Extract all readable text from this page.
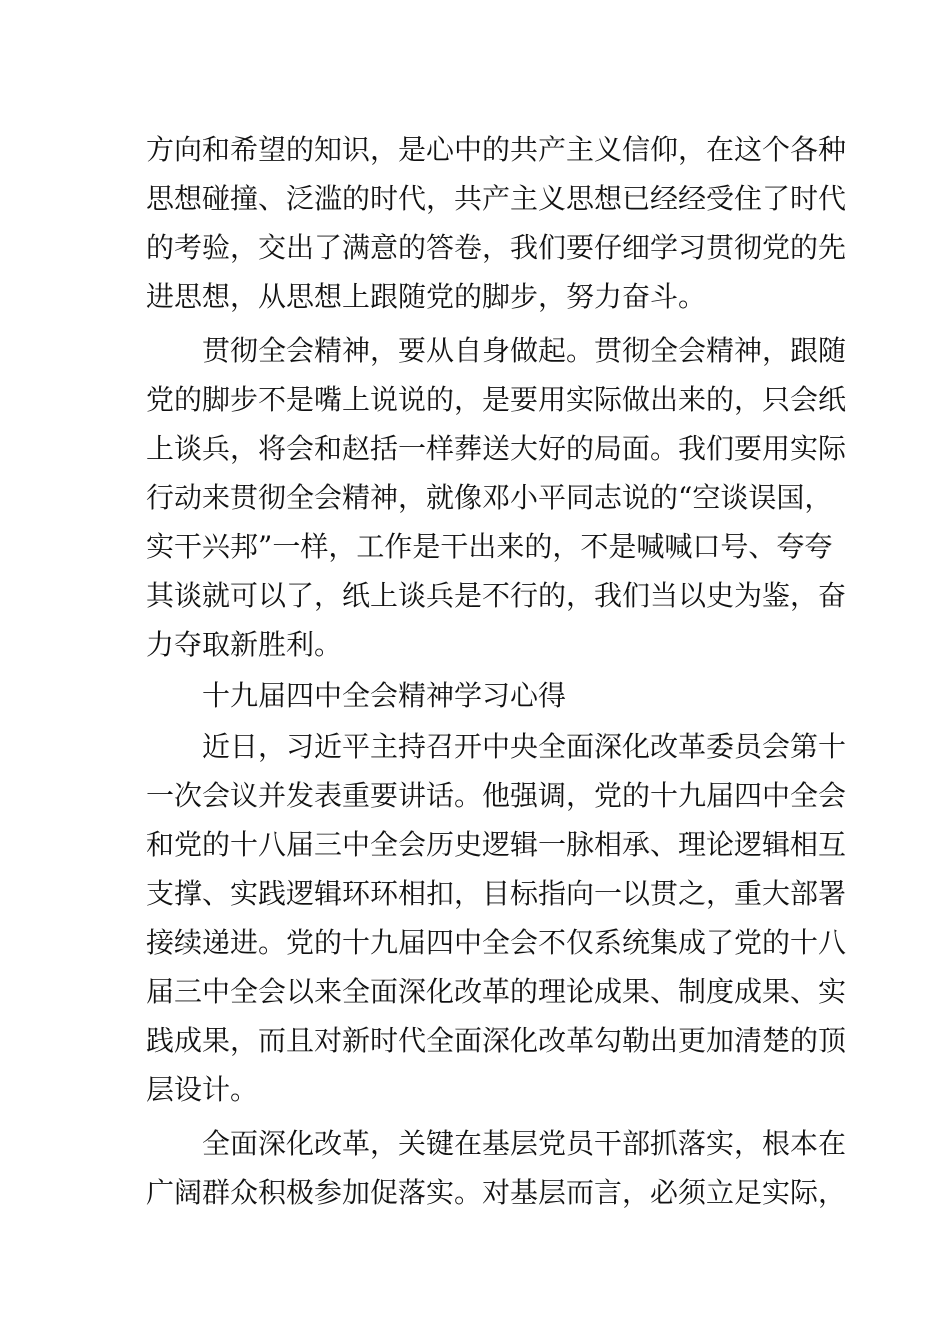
方向和希望的知识，是心中的共产主义信仰，在这个各种
思想碰撞、泛滥的时代，共产主义思想已经经受住了时代
的考验，交出了满意的答卷，我们要仔细学习贯彻党的先
进思想，从思想上跟随党的脚步，努力奋斗。
贯彻全会精神，要从自身做起。贯彻全会精神，跟随
党的脚步不是嘴上说说的，是要用实际做出来的，只会纸
上谈兵，将会和赵括一样葬送大好的局面。我们要用实际
行动来贯彻全会精神，就像邓小平同志说的“空谈误国，
实干兴邦”一样，工作是干出来的，不是喊喊口号、夸夸
其谈就可以了，纸上谈兵是不行的，我们当以史为鉴，奋
力夺取新胜利。
十九届四中全会精神学习心得
近日，习近平主持召开中央全面深化改革委员会第十
一次会议并发表重要讲话。他强调，党的十九届四中全会
和党的十八届三中全会历史逻辑一脉相承、理论逻辑相互
支撑、实践逻辑环环相扣，目标指向一以贯之，重大部署
接续递进。党的十九届四中全会不仅系统集成了党的十八
届三中全会以来全面深化改革的理论成果、制度成果、实
践成果，而且对新时代全面深化改革勾勒出更加清楚的顶
层设计。
全面深化改革，关键在基层党员干部抓落实，根本在
广阔群众积极参加促落实。对基层而言，必须立足实际，
